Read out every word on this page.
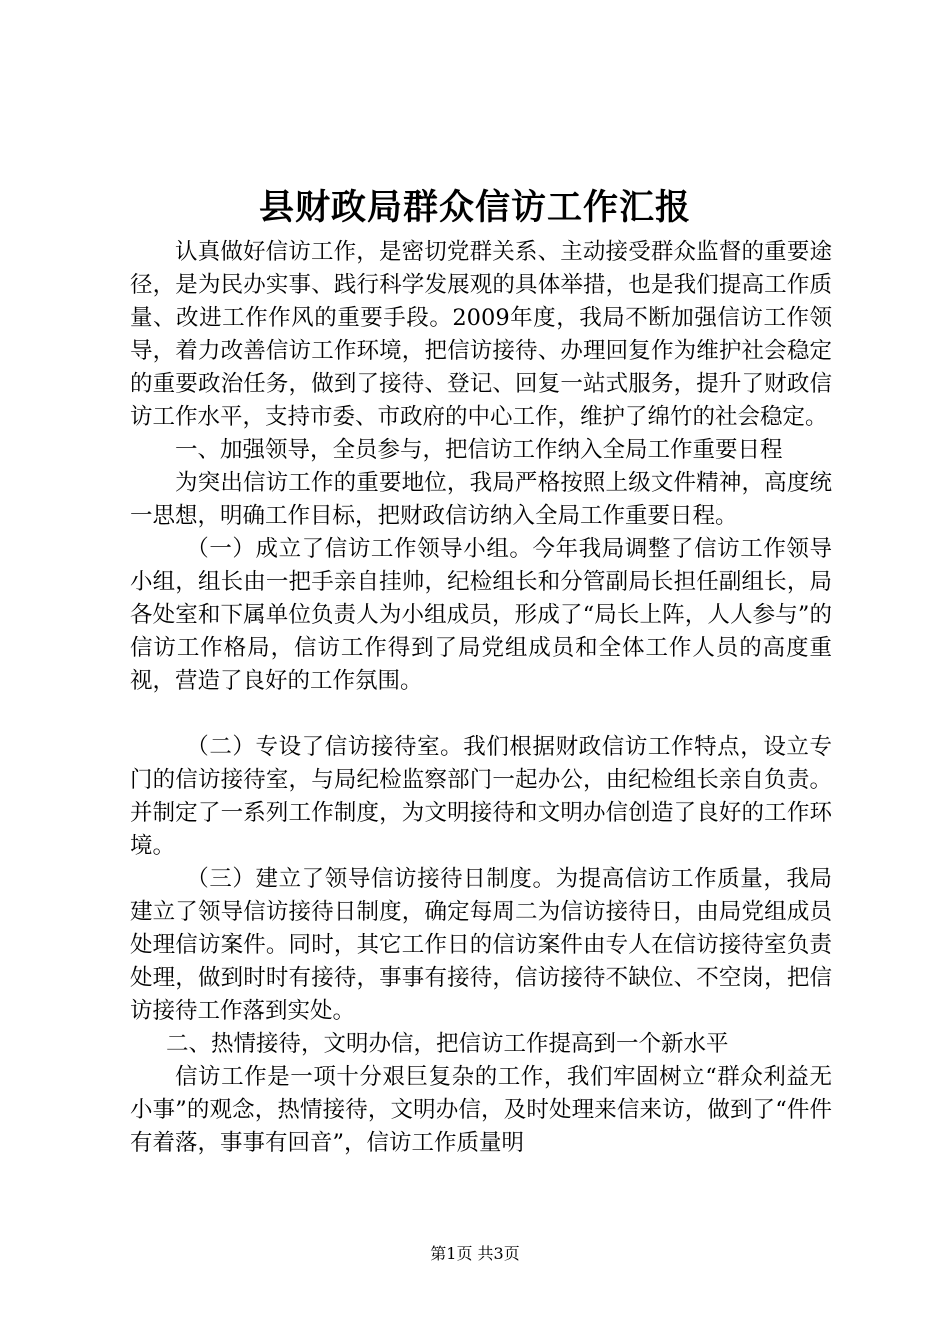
县财政局群众信访工作汇报

认真做好信访工作，是密切党群关系、主动接受群众监督的重要途径，是为民办实事、践行科学发展观的具体举措，也是我们提高工作质量、改进工作作风的重要手段。2009年度，我局不断加强信访工作领导，着力改善信访工作环境，把信访接待、办理回复作为维护社会稳定的重要政治任务，做到了接待、登记、回复一站式服务，提升了财政信访工作水平，支持市委、市政府的中心工作，维护了绵竹的社会稳定。

一、加强领导，全员参与，把信访工作纳入全局工作重要日程

为突出信访工作的重要地位，我局严格按照上级文件精神，高度统一思想，明确工作目标，把财政信访纳入全局工作重要日程。

（一）成立了信访工作领导小组。今年我局调整了信访工作领导小组，组长由一把手亲自挂帅，纪检组长和分管副局长担任副组长，局各处室和下属单位负责人为小组成员，形成了“局长上阵，人人参与”的信访工作格局，信访工作得到了局党组成员和全体工作人员的高度重视，营造了良好的工作氛围。

（二）专设了信访接待室。我们根据财政信访工作特点，设立专门的信访接待室，与局纪检监察部门一起办公，由纪检组长亲自负责。并制定了一系列工作制度，为文明接待和文明办信创造了良好的工作环境。

（三）建立了领导信访接待日制度。为提高信访工作质量，我局建立了领导信访接待日制度，确定每周二为信访接待日，由局党组成员处理信访案件。同时，其它工作日的信访案件由专人在信访接待室负责处理，做到时时有接待，事事有接待，信访接待不缺位、不空岗，把信访接待工作落到实处。

二、热情接待，文明办信，把信访工作提高到一个新水平

信访工作是一项十分艰巨复杂的工作，我们牢固树立“群众利益无小事”的观念，热情接待，文明办信，及时处理来信来访，做到了“件件有着落，事事有回音”，信访工作质量明

第1页 共3页
